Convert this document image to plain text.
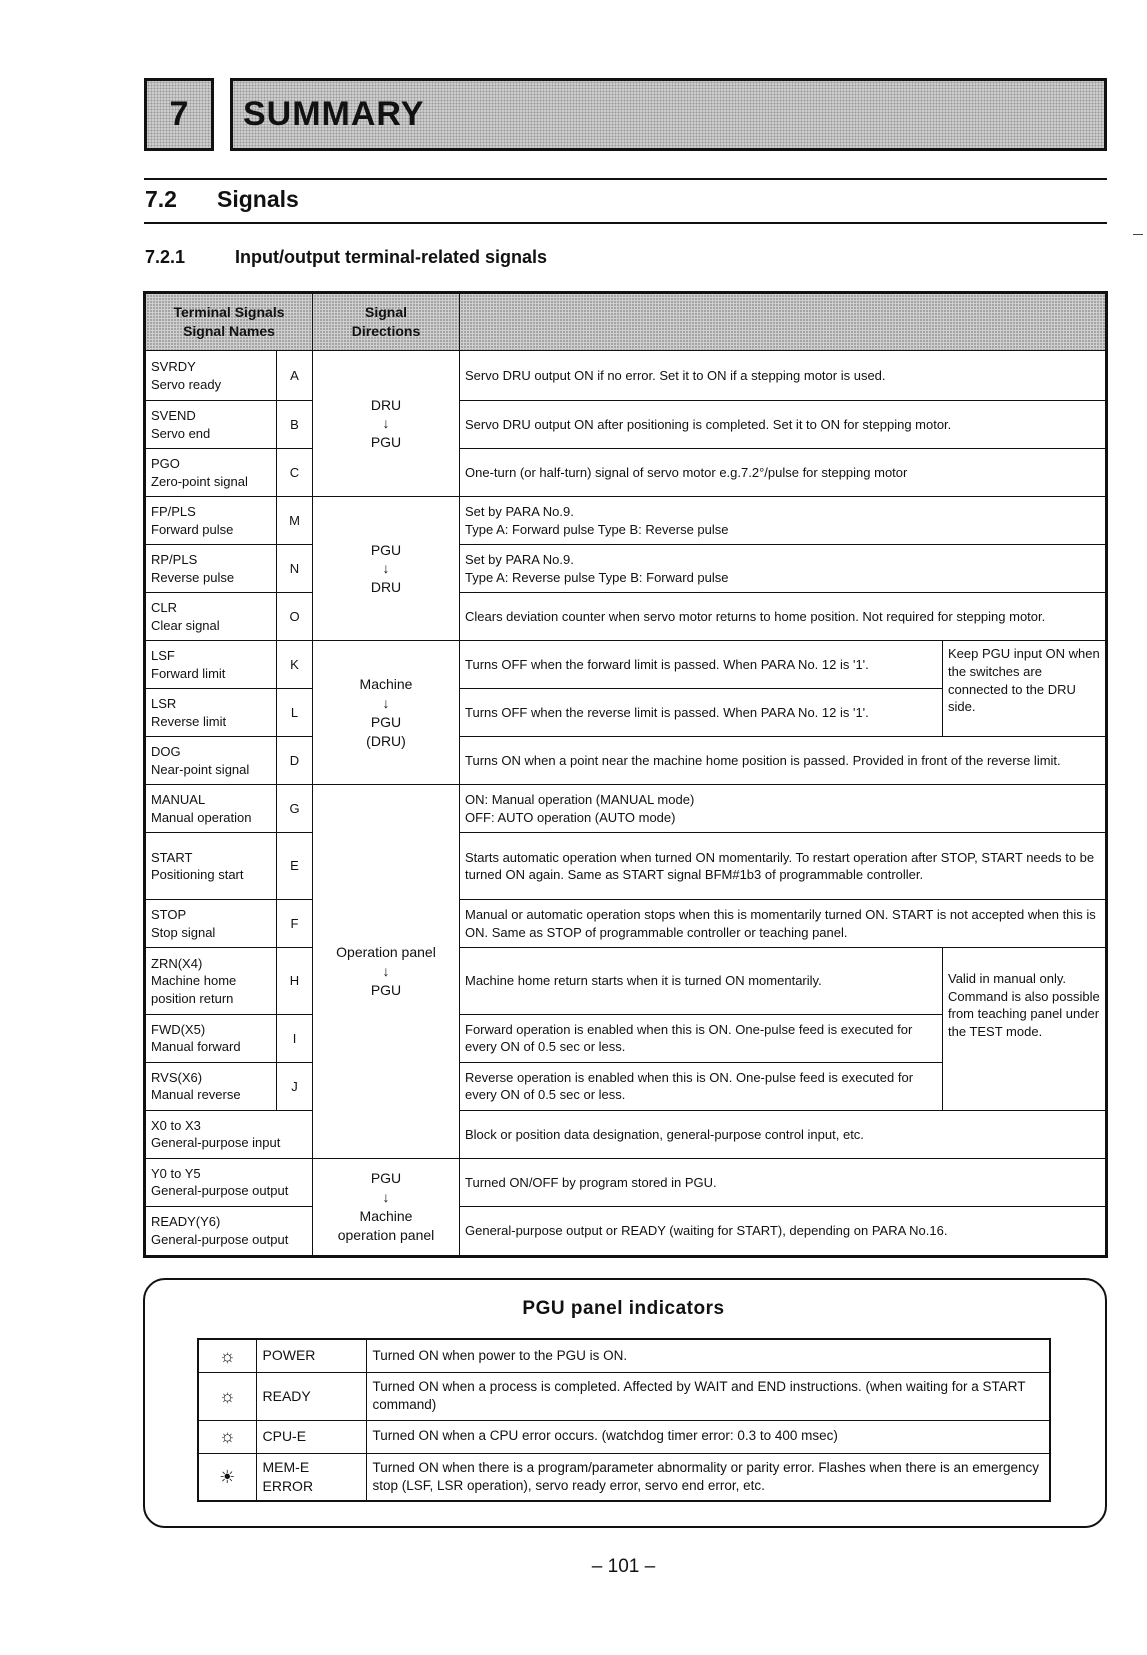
7	SUMMARY
7.2 Signals
7.2.1	Input/output terminal-related signals
Terminal Signals
Signal Names		Signal
Directions		
SVRDY
Servo ready	A	DRU
↓
PGU	Servo DRU output ON if no error. Set it to ON if a stepping motor is used.	
SVEND
Servo end	B		Servo DRU output ON after positioning is completed. Set it to ON for stepping motor.	
PGO
Zero-point signal	C		One-turn (or half-turn) signal of servo motor e.g.7.2°/pulse for stepping motor	
FP/PLS
Forward pulse	M	PGU
↓
DRU	Set by PARA No.9.
Type A: Forward pulse Type B: Reverse pulse	
RP/PLS
Reverse pulse	N		Set by PARA No.9.
Type A: Reverse pulse Type B: Forward pulse	
CLR
Clear signal	O		Clears deviation counter when servo motor returns to home position. Not required for stepping motor.	
LSF
Forward limit	K	Machine
↓
PGU
(DRU)	Turns OFF when the forward limit is passed. When PARA No. 12 is '1'.	Keep PGU input ON when the switches are connected to the DRU side.
LSR
Reverse limit	L		Turns OFF when the reverse limit is passed. When PARA No. 12 is '1'.	
DOG
Near-point signal	D		Turns ON when a point near the machine home position is passed. Provided in front of the reverse limit.	
MANUAL
Manual operation	G	Operation panel
↓
PGU	ON: Manual operation (MANUAL mode)
OFF: AUTO operation (AUTO mode)	
START
Positioning start	E		Starts automatic operation when turned ON momentarily. To restart operation after STOP, START needs to be turned ON again. Same as START signal BFM#1b3 of programmable controller.	
STOP
Stop signal	F		Manual or automatic operation stops when this is momentarily turned ON. START is not accepted when this is ON. Same as STOP of programmable controller or teaching panel.	
ZRN(X4)
Machine home
position return	H		Machine home return starts when it is turned ON momentarily.	Valid in manual only. Command is also possible from teaching panel under the TEST mode.
FWD(X5)
Manual forward	I		Forward operation is enabled when this is ON. One-pulse feed is executed for every ON of 0.5 sec or less.	
RVS(X6)
Manual reverse	J		Reverse operation is enabled when this is ON. One-pulse feed is executed for every ON of 0.5 sec or less.	
X0 to X3
General-purpose input			Block or position data designation, general-purpose control input, etc.	
Y0 to Y5
General-purpose output		PGU
↓
Machine
operation panel	Turned ON/OFF by program stored in PGU.	
READY(Y6)
General-purpose output			General-purpose output or READY (waiting for START), depending on PARA No.16.	
PGU panel indicators
☼	POWER	Turned ON when power to the PGU is ON.
☼	READY	Turned ON when a process is completed. Affected by WAIT and END instructions. (when waiting for a START command)
☼	CPU-E	Turned ON when a CPU error occurs. (watchdog timer error: 0.3 to 400 msec)
☀	MEM-E ERROR	Turned ON when there is a program/parameter abnormality or parity error. Flashes when there is an emergency stop (LSF, LSR operation), servo ready error, servo end error, etc.
– 101 –
